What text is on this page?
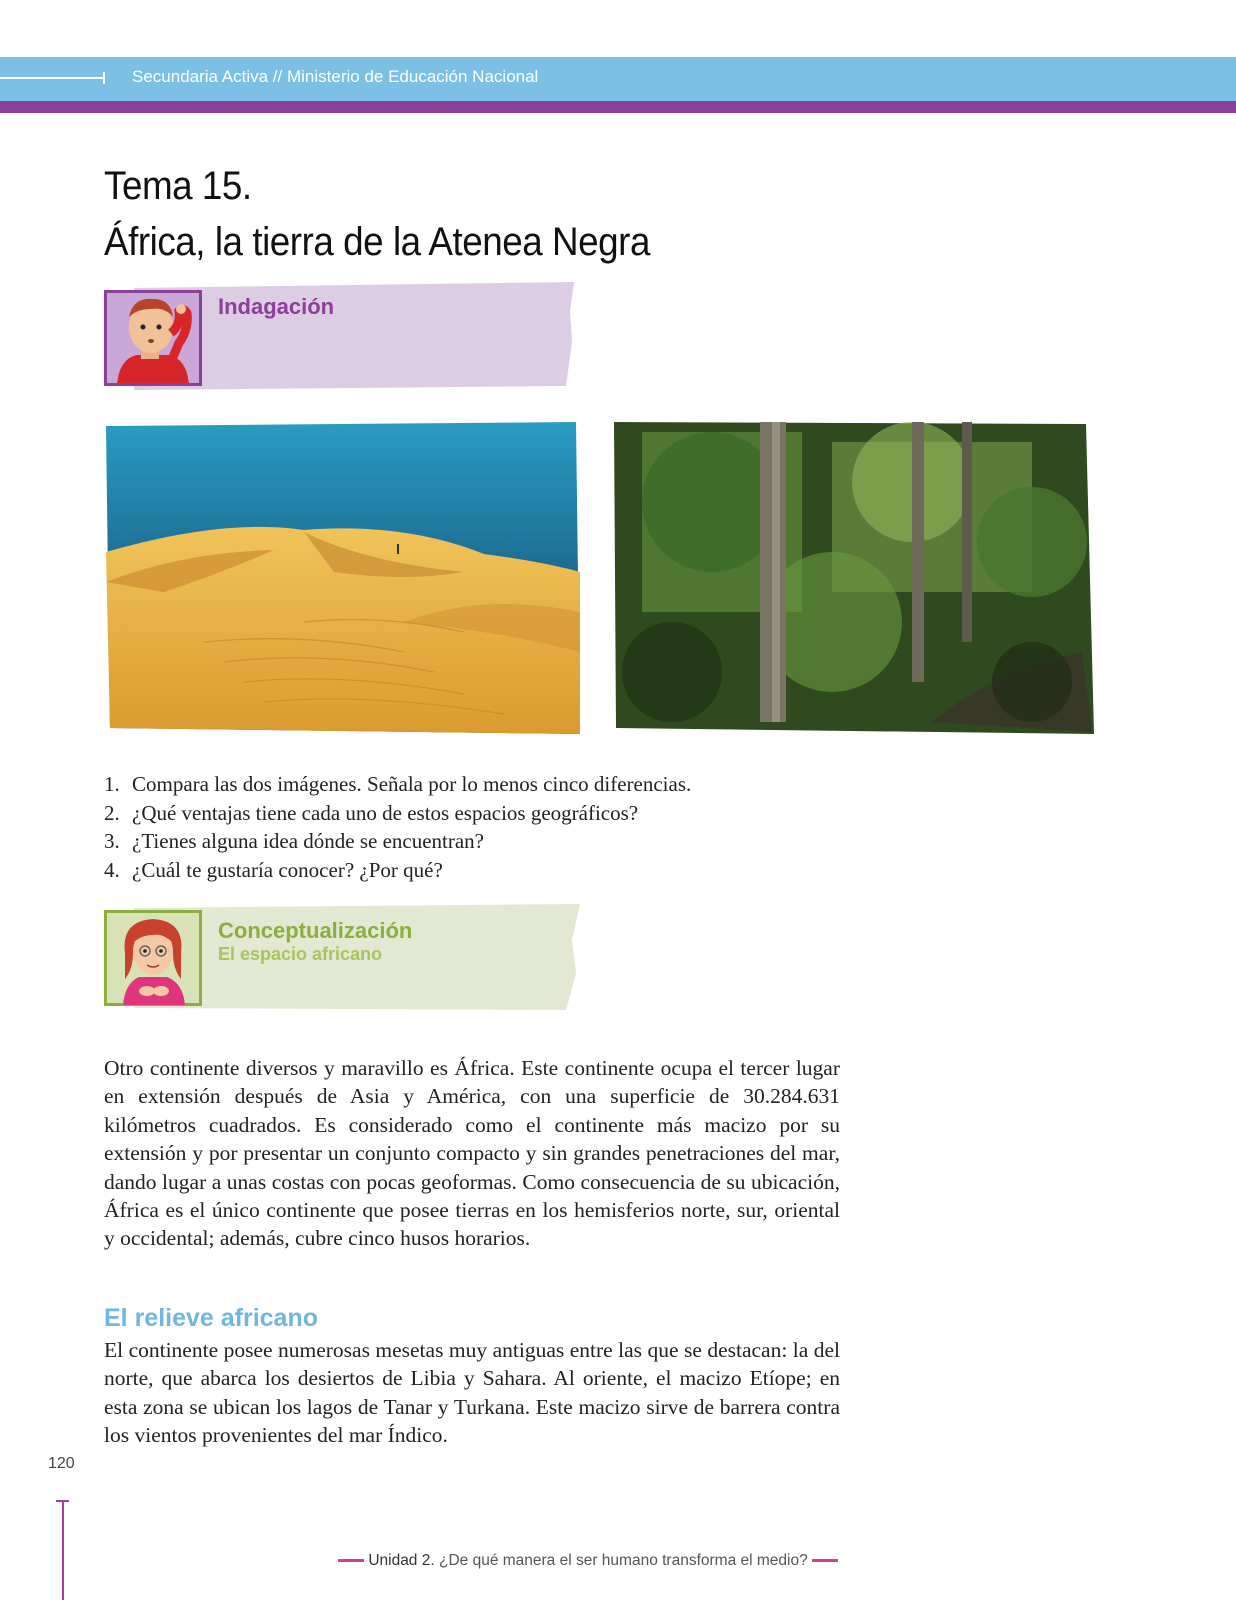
Secundaria Activa // Ministerio de Educación Nacional
Tema 15.
África, la tierra de la Atenea Negra
Indagación
1. Compara las dos imágenes. Señala por lo menos cinco diferencias.
2. ¿Qué ventajas tiene cada uno de estos espacios geográficos?
3. ¿Tienes alguna idea dónde se encuentran?
4. ¿Cuál te gustaría conocer? ¿Por qué?
Conceptualización
El espacio africano
Otro continente diversos y maravillo es África. Este continente ocupa el tercer lugar en extensión después de Asia y América, con una superficie de 30.284.631 kilómetros cuadrados. Es considerado como el continente más macizo por su extensión y por presentar un conjunto compacto y sin grandes penetraciones del mar, dando lugar a unas costas con pocas geoformas. Como consecuencia de su ubicación, África es el único continente que posee tierras en los hemisferios norte, sur, oriental y occidental; además, cubre cinco husos horarios.
El relieve africano
El continente posee numerosas mesetas muy antiguas entre las que se destacan: la del norte, que abarca los desiertos de Libia y Sahara. Al oriente, el macizo Etíope; en esta zona se ubican los lagos de Tanar y Turkana. Este macizo sirve de barrera contra los vientos provenientes del mar Índico.
120
Unidad 2. ¿De qué manera el ser humano transforma el medio?
